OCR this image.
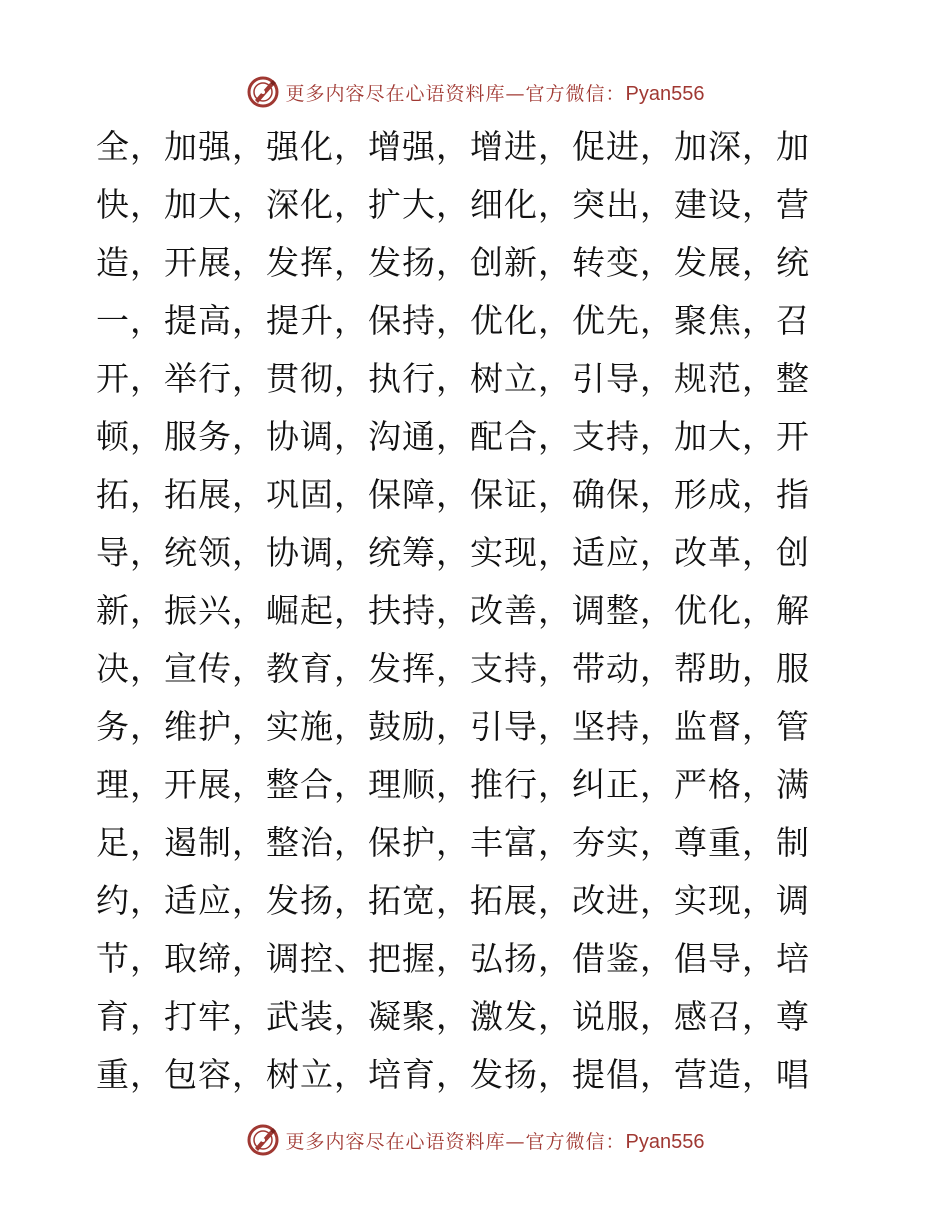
更多内容尽在心语资料库—官方微信：Pyan556
全，加强，强化，增强，增进，促进，加深，加
快，加大，深化，扩大，细化，突出，建设，营
造，开展，发挥，发扬，创新，转变，发展，统
一，提高，提升，保持，优化，优先，聚焦，召
开，举行，贯彻，执行，树立，引导，规范，整
顿，服务，协调，沟通，配合，支持，加大，开
拓，拓展，巩固，保障，保证，确保，形成，指
导，统领，协调，统筹，实现，适应，改革，创
新，振兴，崛起，扶持，改善，调整，优化，解
决，宣传，教育，发挥，支持，带动，帮助，服
务，维护，实施，鼓励，引导，坚持，监督，管
理，开展，整合，理顺，推行，纠正，严格，满
足，遏制，整治，保护，丰富，夯实，尊重，制
约，适应，发扬，拓宽，拓展，改进，实现，调
节，取缔，调控、把握，弘扬，借鉴，倡导，培
育，打牢，武装，凝聚，激发，说服，感召，尊
重，包容，树立，培育，发扬，提倡，营造，唱
更多内容尽在心语资料库—官方微信：Pyan556
